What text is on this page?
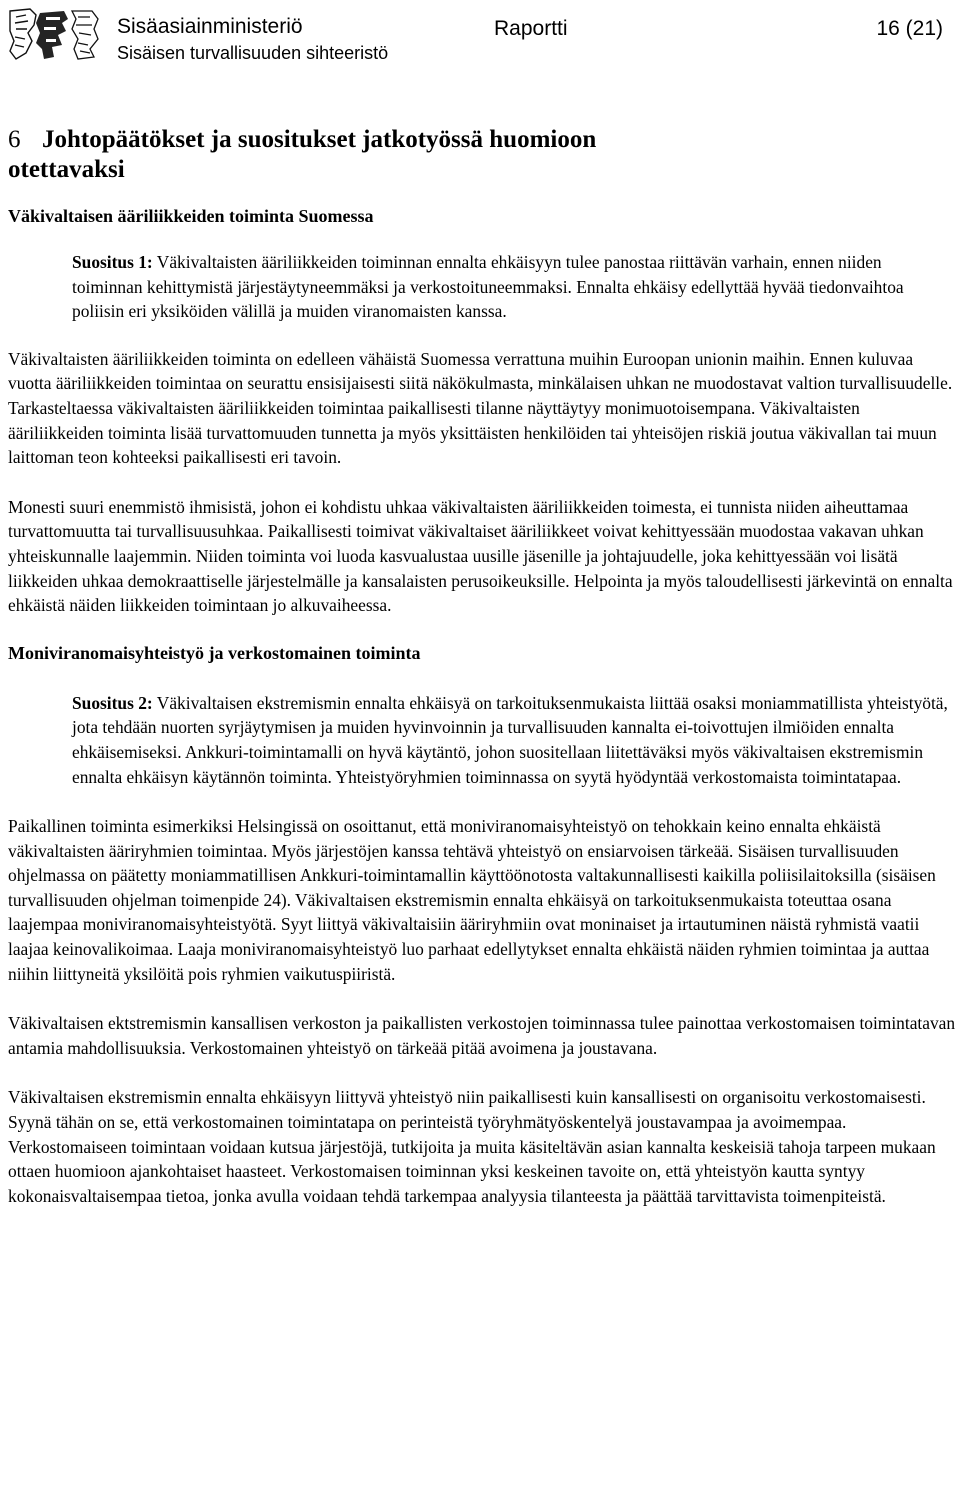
Sisäasiainministeriö
Sisäisen turvallisuuden sihteeristö
Raportti	16 (21)
6 Johtopäätökset ja suositukset jatkotyössä huomioon
otettavaksi
Väkivaltaisen ääriliikkeiden toiminta Suomessa

Suositus 1: Väkivaltaisten ääriliikkeiden toiminnan ennalta ehkäisyyn tulee panostaa riittävän varhain, ennen niiden toiminnan kehittymistä järjestäytyneemmäksi ja verkostoituneemmaksi. Ennalta ehkäisy edellyttää hyvää tiedonvaihtoa poliisin eri yksiköiden välillä ja muiden viranomaisten kanssa.

Väkivaltaisten ääriliikkeiden toiminta on edelleen vähäistä Suomessa verrattuna muihin Euroopan unionin maihin. Ennen kuluvaa vuotta ääriliikkeiden toimintaa on seurattu ensisijaisesti siitä näkökulmasta, minkälaisen uhkan ne muodostavat valtion turvallisuudelle. Tarkasteltaessa väkivaltaisten ääriliikkeiden toimintaa paikallisesti tilanne näyttäytyy monimuotoisempana. Väkivaltaisten ääriliikkeiden toiminta lisää turvattomuuden tunnetta ja myös yksittäisten henkilöiden tai yhteisöjen riskiä joutua väkivallan tai muun laittoman teon kohteeksi paikallisesti eri tavoin.

Monesti suuri enemmistö ihmisistä, johon ei kohdistu uhkaa väkivaltaisten ääriliikkeiden toimesta, ei tunnista niiden aiheuttamaa turvattomuutta tai turvallisuusuhkaa. Paikallisesti toimivat väkivaltaiset ääriliikkeet voivat kehittyessään muodostaa vakavan uhkan yhteiskunnalle laajemmin. Niiden toiminta voi luoda kasvualustaa uusille jäsenille ja johtajuudelle, joka kehittyessään voi lisätä liikkeiden uhkaa demokraattiselle järjestelmälle ja kansalaisten perusoikeuksille. Helpointa ja myös taloudellisesti järkevintä on ennalta ehkäistä näiden liikkeiden toimintaan jo alkuvaiheessa.

Moniviranomaisyhteistyö ja verkostomainen toiminta

Suositus 2: Väkivaltaisen ekstremismin ennalta ehkäisyä on tarkoituksenmukaista liittää osaksi moniammatillista yhteistyötä, jota tehdään nuorten syrjäytymisen ja muiden hyvinvoinnin ja turvallisuuden kannalta ei-toivottujen ilmiöiden ennalta ehkäisemiseksi. Ankkuri-toimintamalli on hyvä käytäntö, johon suositellaan liitettäväksi myös väkivaltaisen ekstremismin ennalta ehkäisyn käytännön toiminta. Yhteistyöryhmien toiminnassa on syytä hyödyntää verkostomaista toimintatapaa.

Paikallinen toiminta esimerkiksi Helsingissä on osoittanut, että moniviranomaisyhteistyö on tehokkain keino ennalta ehkäistä väkivaltaisten ääriryhmien toimintaa. Myös järjestöjen kanssa tehtävä yhteistyö on ensiarvoisen tärkeää. Sisäisen turvallisuuden ohjelmassa on päätetty moniammatillisen Ankkuri-toimintamallin käyttöönotosta valtakunnallisesti kaikilla poliisilaitoksilla (sisäisen turvallisuuden ohjelman toimenpide 24). Väkivaltaisen ekstremismin ennalta ehkäisyä on tarkoituksenmukaista toteuttaa osana laajempaa moniviranomaisyhteistyötä. Syyt liittyä väkivaltaisiin ääriryhmiin ovat moninaiset ja irtautuminen näistä ryhmistä vaatii laajaa keinovalikoimaa. Laaja moniviranomaisyhteistyö luo parhaat edellytykset ennalta ehkäistä näiden ryhmien toimintaa ja auttaa niihin liittyneitä yksilöitä pois ryhmien vaikutuspiiristä.

Väkivaltaisen ektstremismin kansallisen verkoston ja paikallisten verkostojen toiminnassa tulee painottaa verkostomaisen toimintatavan antamia mahdollisuuksia. Verkostomainen yhteistyö on tärkeää pitää avoimena ja joustavana.

Väkivaltaisen ekstremismin ennalta ehkäisyyn liittyvä yhteistyö niin paikallisesti kuin kansallisesti on organisoitu verkostomaisesti. Syynä tähän on se, että verkostomainen toimintatapa on perinteistä työryhmätyöskentelyä joustavampaa ja avoimempaa. Verkostomaiseen toimintaan voidaan kutsua järjestöjä, tutkijoita ja muita käsiteltävän asian kannalta keskeisiä tahoja tarpeen mukaan ottaen huomioon ajankohtaiset haasteet. Verkostomaisen toiminnan yksi keskeinen tavoite on, että yhteistyön kautta syntyy kokonaisvaltaisempaa tietoa, jonka avulla voidaan tehdä tarkempaa analyysia tilanteesta ja päättää tarvittavista toimenpiteistä.
